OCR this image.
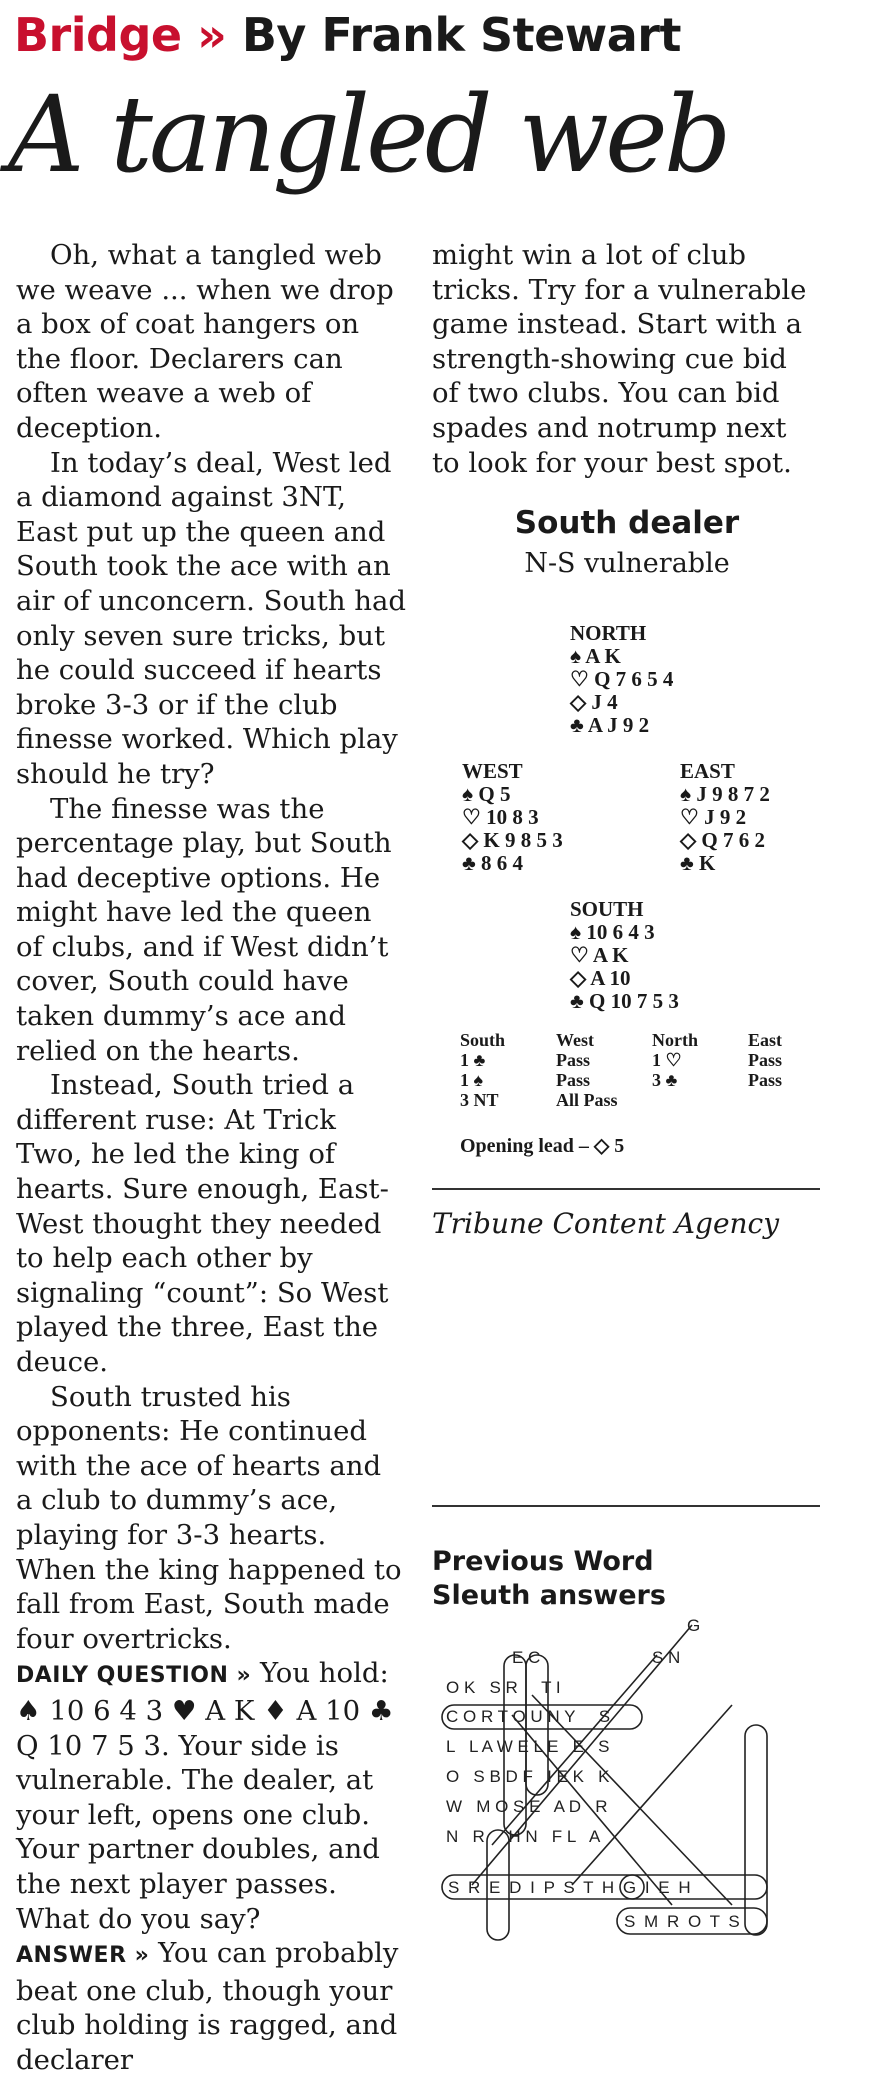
Bridge » By Frank Stewart
A tangled web

Oh, what a tangled web we weave ... when we drop a box of coat hangers on the floor. Declarers can often weave a web of deception.

In today’s deal, West led a diamond against 3NT, East put up the queen and South took the ace with an air of unconcern. South had only seven sure tricks, but he could succeed if hearts broke 3-3 or if the club finesse worked. Which play should he try?

The finesse was the percentage play, but South had deceptive options. He might have led the queen of clubs, and if West didn’t cover, South could have taken dummy’s ace and relied on the hearts.

Instead, South tried a different ruse: At Trick Two, he led the king of hearts. Sure enough, East-West thought they needed to help each other by signaling “count”: So West played the three, East the deuce.

South trusted his opponents: He continued with the ace of hearts and a club to dummy’s ace, playing for 3-3 hearts. When the king happened to fall from East, South made four overtricks.

DAILY QUESTION » You hold: ♠ 10 6 4 3 ♥ A K ♦ A 10 ♣ Q 10 7 5 3. Your side is vulnerable. The dealer, at your left, opens one club. Your partner doubles, and the next player passes. What do you say?

ANSWER » You can probably beat one club, though your club holding is ragged, and declarer

might win a lot of club tricks. Try for a vulnerable game instead. Start with a strength-showing cue bid of two clubs. You can bid spades and notrump next to look for your best spot.

South dealer
N-S vulnerable
NORTH
♠ A K
♡ Q 7 6 5 4
◇ J 4
♣ A J 9 2
WEST
♠ Q 5
♡ 10 8 3
◇ K 9 8 5 3
♣ 8 6 4
EAST
♠ J 9 8 7 2
♡ J 9 2
◇ Q 7 6 2
♣ K
SOUTH
♠ 10 6 4 3
♡ A K
◇ A 10
♣ Q 10 7 5 3
South	West	North	East
1 ♣	Pass	1 ♡	Pass
1 ♠	Pass	3 ♣	Pass
3 NT	All Pass		
Opening lead – ◇ 5
Tribune Content Agency
Previous Word
Sleuth answers
G
E C	S N
O K   S R     T I
C O R T O U N Y     S
L   L A W E L E   E   S
O   S B D F   I E K   K
W   M O S E   A D   R
N   R     H N   F L   A
S R E D I P S T H G I E H
S M R O T S
